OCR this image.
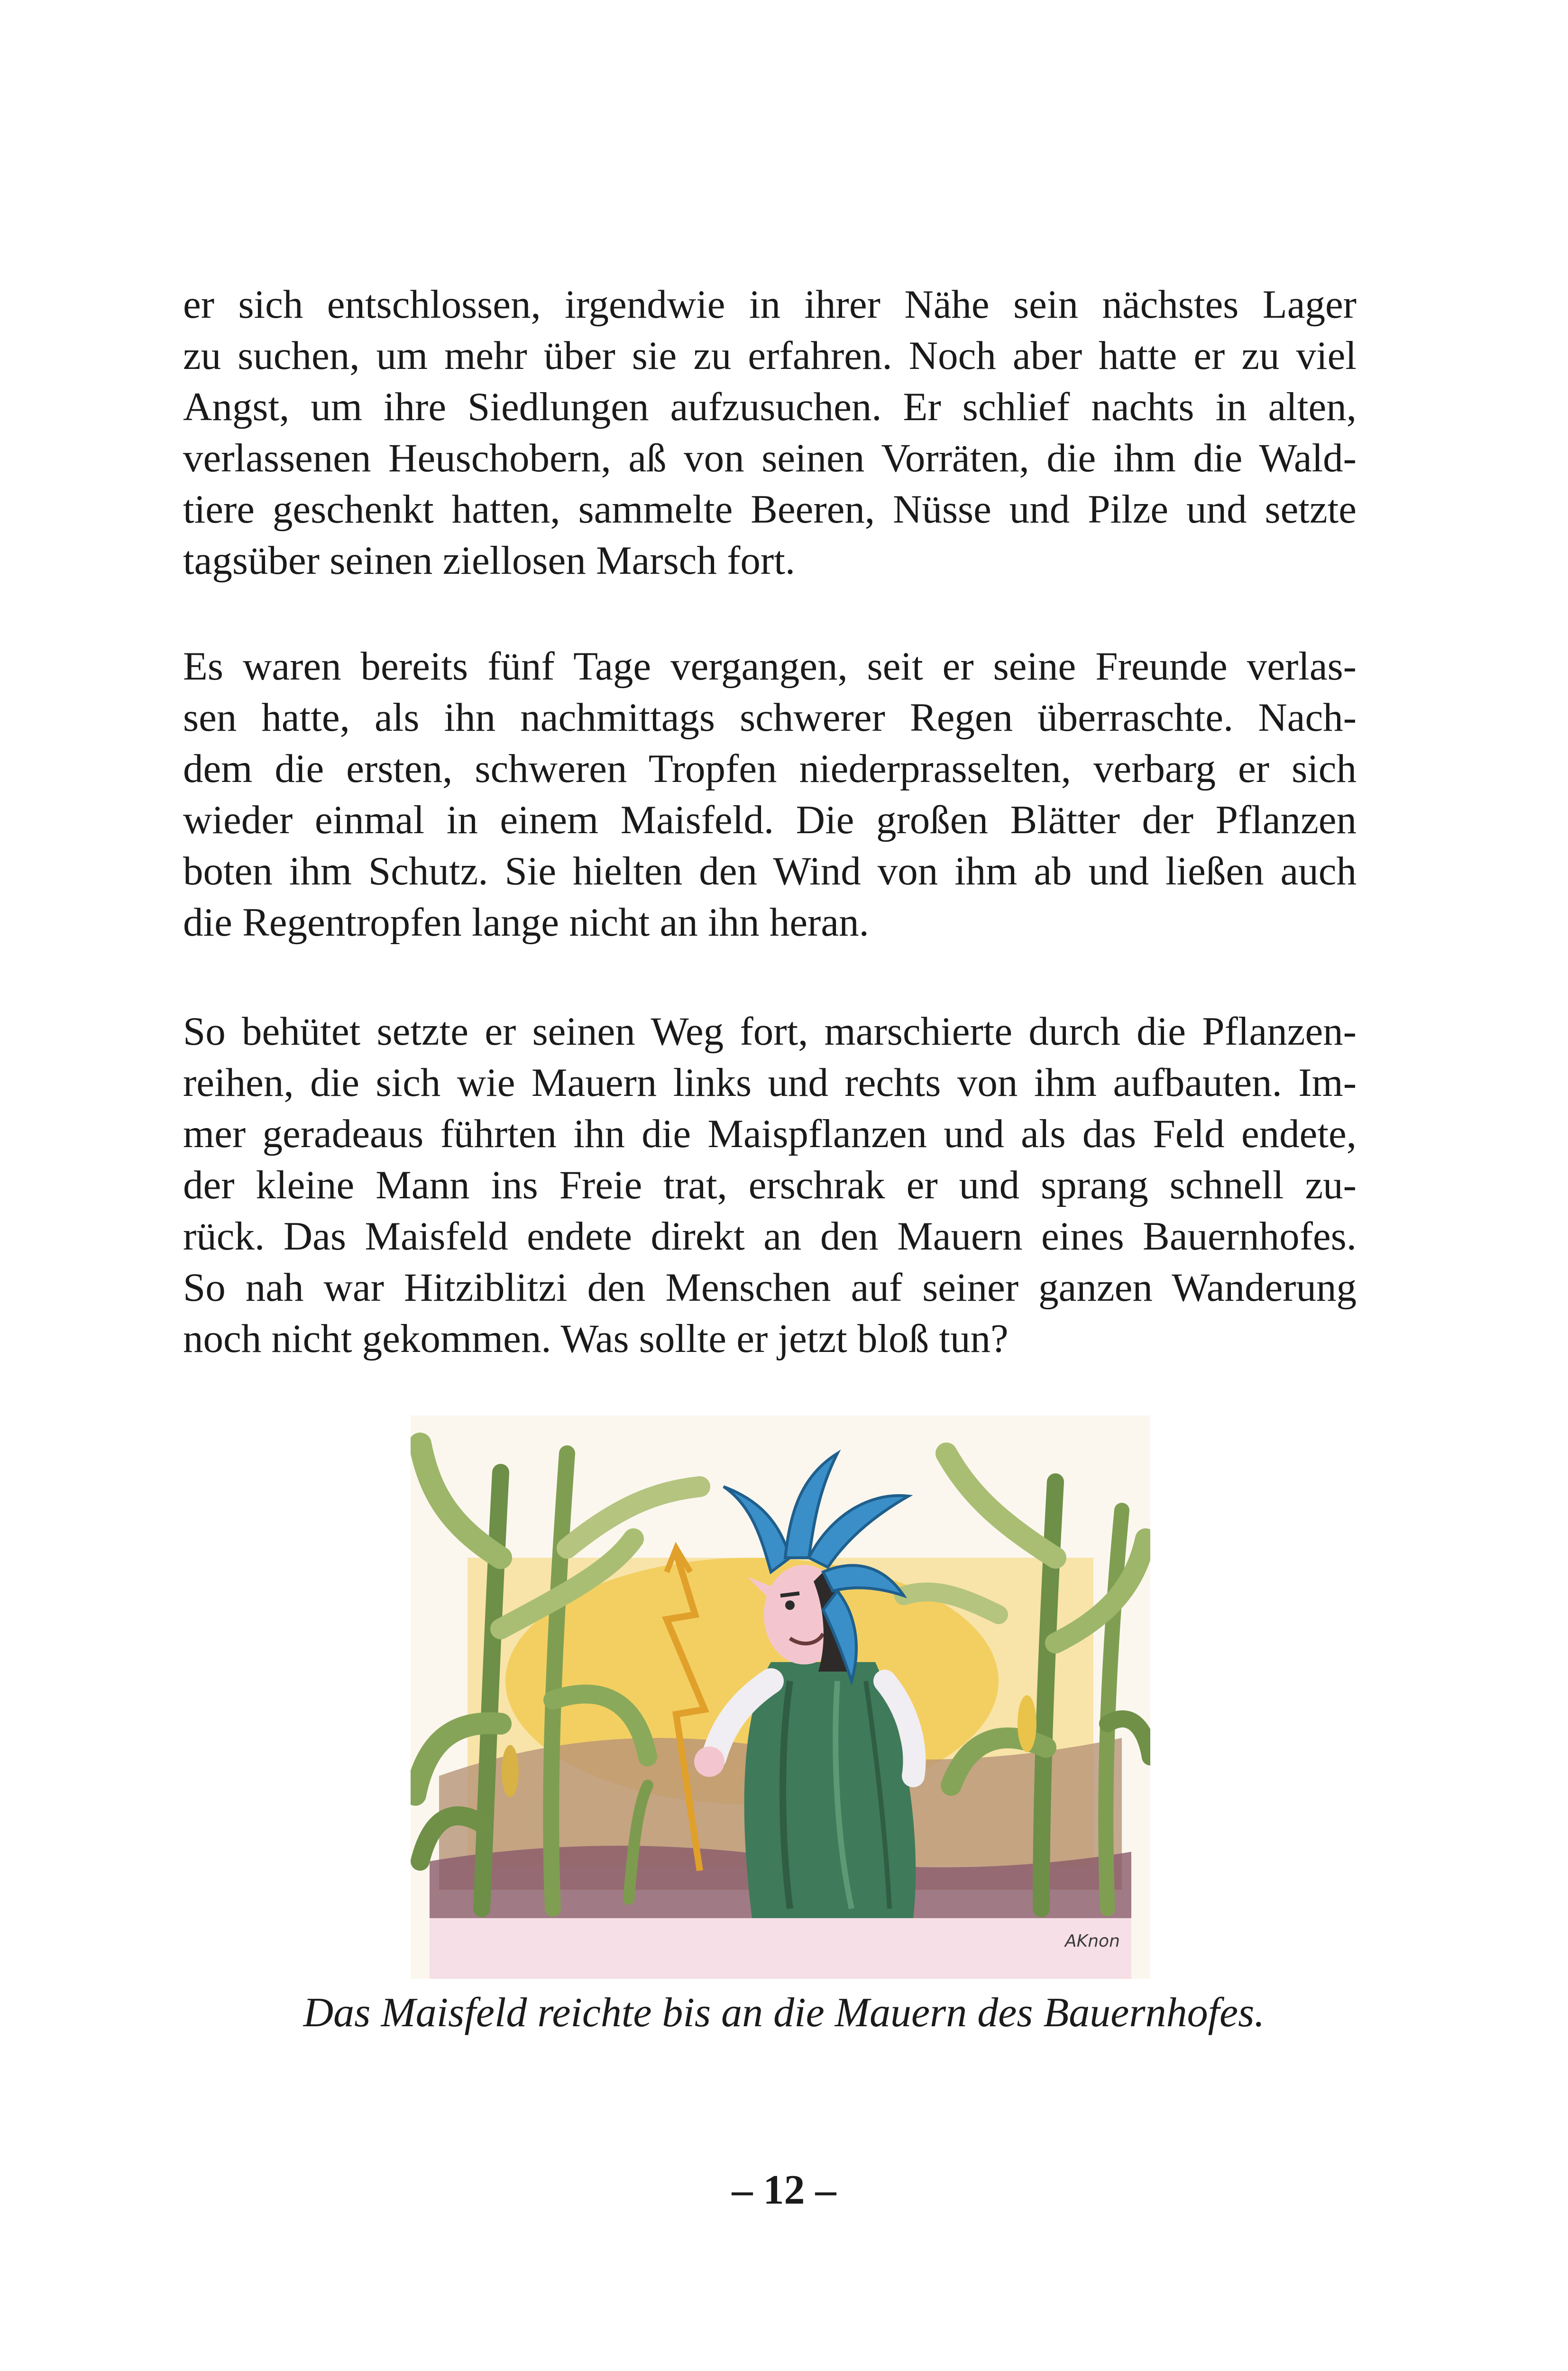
er sich entschlossen, irgendwie in ihrer Nähe sein nächstes Lager
zu suchen, um mehr über sie zu erfahren. Noch aber hatte er zu viel
Angst, um ihre Siedlungen aufzusuchen. Er schlief nachts in alten,
verlassenen Heuschobern, aß von seinen Vorräten, die ihm die Wald-
tiere geschenkt hatten, sammelte Beeren, Nüsse und Pilze und setzte
tagsüber seinen ziellosen Marsch fort.
Es waren bereits fünf Tage vergangen, seit er seine Freunde verlas-
sen hatte, als ihn nachmittags schwerer Regen überraschte. Nach-
dem die ersten, schweren Tropfen niederprasselten, verbarg er sich
wieder einmal in einem Maisfeld. Die großen Blätter der Pflanzen
boten ihm Schutz. Sie hielten den Wind von ihm ab und ließen auch
die Regentropfen lange nicht an ihn heran.
So behütet setzte er seinen Weg fort, marschierte durch die Pflanzen-
reihen, die sich wie Mauern links und rechts von ihm aufbauten. Im-
mer geradeaus führten ihn die Maispflanzen und als das Feld endete,
der kleine Mann ins Freie trat, erschrak er und sprang schnell zu-
rück. Das Maisfeld endete direkt an den Mauern eines Bauernhofes.
So nah war Hitziblitzi den Menschen auf seiner ganzen Wanderung
noch nicht gekommen. Was sollte er jetzt bloß tun?
AKnon
Das Maisfeld reichte bis an die Mauern des Bauernhofes.
– 12 –
